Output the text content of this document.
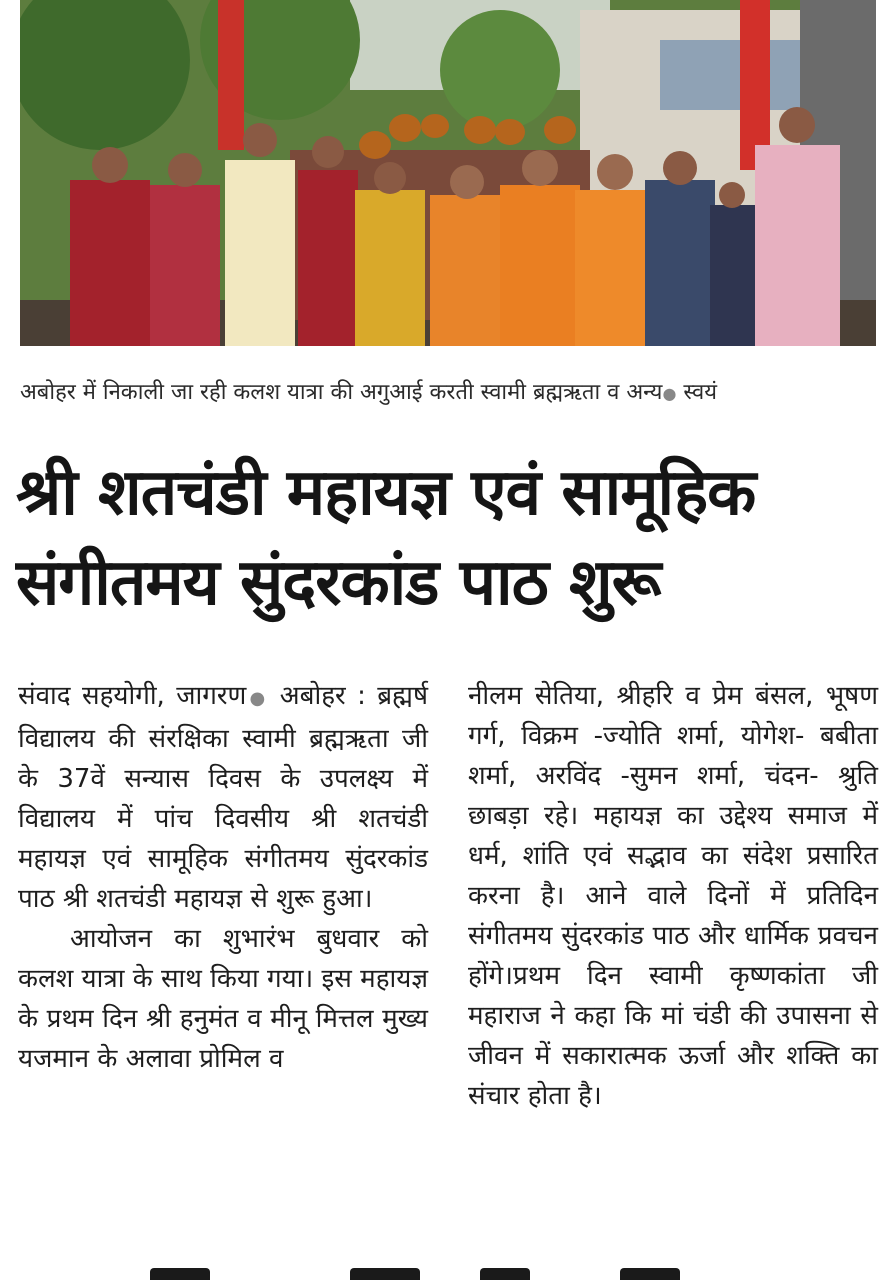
अबोहर में निकाली जा रही कलश यात्रा की अगुआई करती स्वामी ब्रह्मऋता व अन्य● स्वयं
श्री शतचंडी महायज्ञ एवं सामूहिक
संगीतमय सुंदरकांड पाठ शुरू

संवाद सहयोगी, जागरण● अबोहर : ब्रह्मर्ष विद्यालय की संरक्षिका स्वामी ब्रह्मऋता जी के 37वें सन्यास दिवस के उपलक्ष्य में विद्यालय में पांच दिवसीय श्री शतचंडी महायज्ञ एवं सामूहिक संगीतमय सुंदरकांड पाठ श्री शतचंडी महायज्ञ से शुरू हुआ।

आयोजन का शुभारंभ बुधवार को कलश यात्रा के साथ किया गया। इस महायज्ञ के प्रथम दिन श्री हनुमंत व मीनू मित्तल मुख्य यजमान के अलावा प्रोमिल व

नीलम सेतिया, श्रीहरि व प्रेम बंसल, भूषण गर्ग, विक्रम -ज्योति शर्मा, योगेश- बबीता शर्मा, अरविंद -सुमन शर्मा, चंदन- श्रुति छाबड़ा रहे। महायज्ञ का उद्देश्य समाज में धर्म, शांति एवं सद्भाव का संदेश प्रसारित करना है। आने वाले दिनों में प्रतिदिन संगीतमय सुंदरकांड पाठ और धार्मिक प्रवचन होंगे।प्रथम दिन स्वामी कृष्णकांता जी महाराज ने कहा कि मां चंडी की उपासना से जीवन में सकारात्मक ऊर्जा और शक्ति का संचार होता है।
